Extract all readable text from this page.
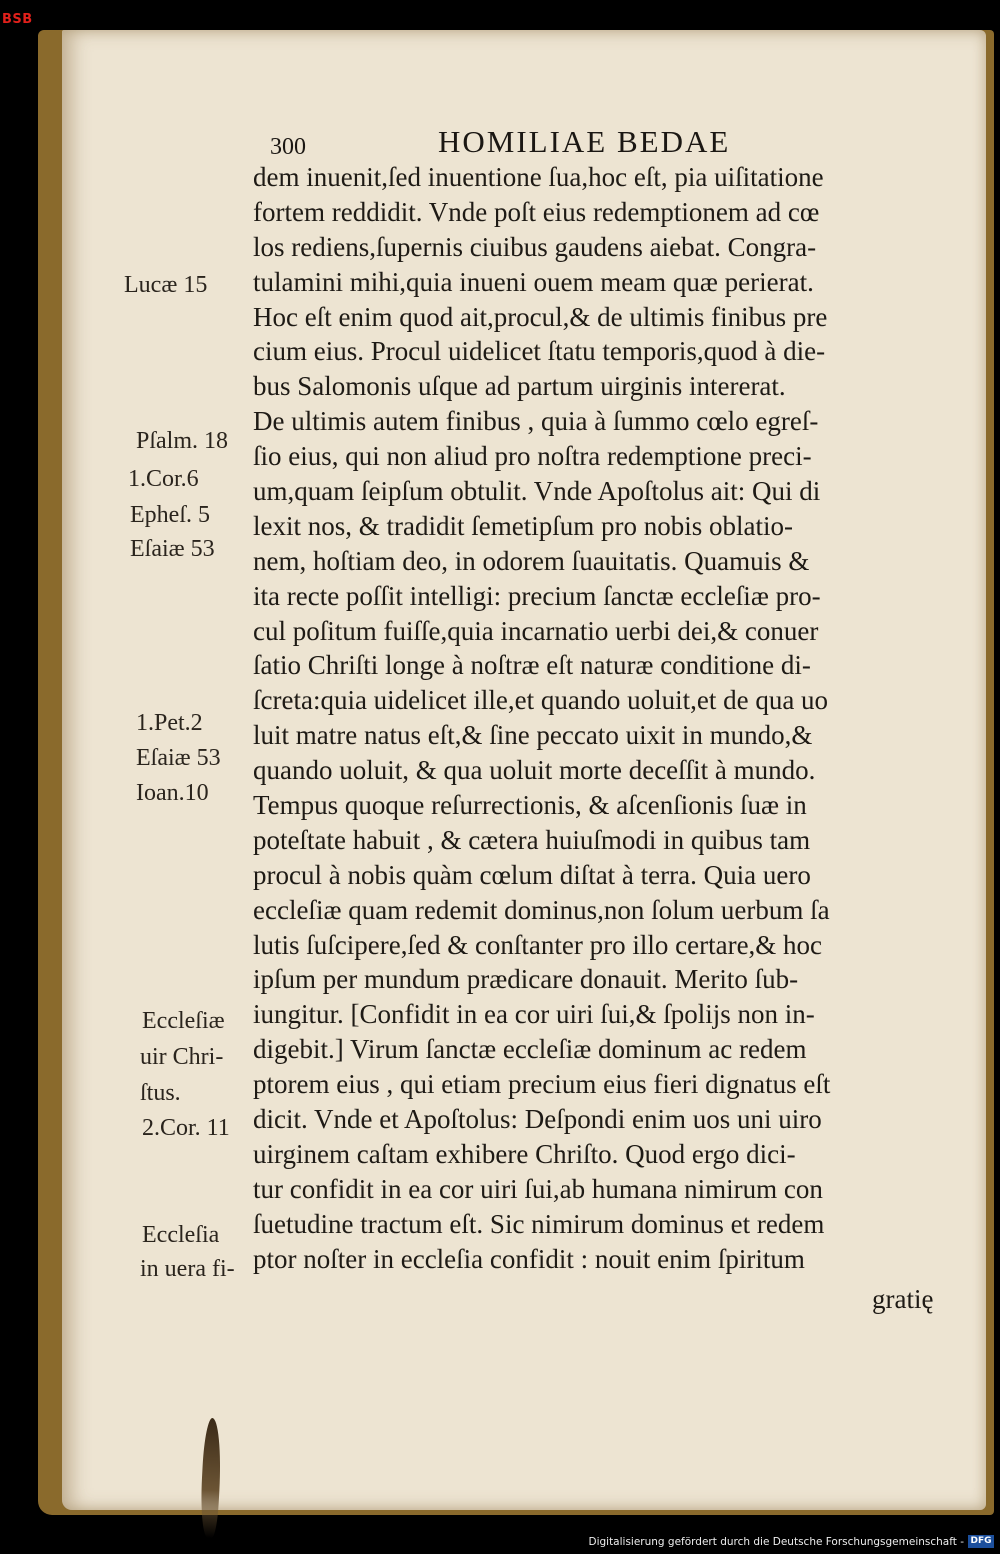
BSB
300	HOMILIAE BEDAE
dem inuenit,ſed inuentione ſua,hoc eſt, pia uiſitatione
fortem reddidit. Vnde poſt eius redemptionem ad cœ
los rediens,ſupernis ciuibus gaudens aiebat. Congra-
tulamini mihi,quia inueni ouem meam quæ perierat.
Hoc eſt enim quod ait,procul,& de ultimis finibus pre
cium eius. Procul uidelicet ſtatu temporis,quod à die-
bus Salomonis uſque ad partum uirginis intererat.
De ultimis autem finibus , quia à ſummo cœlo egreſ-
ſio eius, qui non aliud pro noſtra redemptione preci-
um,quam ſeipſum obtulit. Vnde Apoſtolus ait: Qui di
lexit nos, & tradidit ſemetipſum pro nobis oblatio-
nem, hoſtiam deo, in odorem ſuauitatis. Quamuis &
ita recte poſſit intelligi: precium ſanctæ eccleſiæ pro-
cul poſitum fuiſſe,quia incarnatio uerbi dei,& conuer
ſatio Chriſti longe à noſtræ eſt naturæ conditione di-
ſcreta:quia uidelicet ille,et quando uoluit,et de qua uo
luit matre natus eſt,& ſine peccato uixit in mundo,&
quando uoluit, & qua uoluit morte deceſſit à mundo.
Tempus quoque reſurrectionis, & aſcenſionis ſuæ in
poteſtate habuit , & cætera huiuſmodi in quibus tam
procul à nobis quàm cœlum diſtat à terra. Quia uero
eccleſiæ quam redemit dominus,non ſolum uerbum ſa
lutis ſuſcipere,ſed & conſtanter pro illo certare,& hoc
ipſum per mundum prædicare donauit. Merito ſub-
iungitur. [Confidit in ea cor uiri ſui,& ſpolijs non in-
digebit.] Virum ſanctæ eccleſiæ dominum ac redem
ptorem eius , qui etiam precium eius fieri dignatus eſt
dicit. Vnde et Apoſtolus: Deſpondi enim uos uni uiro
uirginem caſtam exhibere Chriſto. Quod ergo dici-
tur confidit in ea cor uiri ſui,ab humana nimirum con
ſuetudine tractum eſt. Sic nimirum dominus et redem
ptor noſter in eccleſia confidit : nouit enim ſpiritum
gratię
Lucæ 15
Pſalm. 18
1.Cor.6
Epheſ. 5
Eſaiæ 53
1.Pet.2
Eſaiæ 53
Ioan.10
Eccleſiæ
uir Chri-
ſtus.
2.Cor. 11
Eccleſia
in uera fi-
Digitalisierung gefördert durch die Deutsche Forschungsgemeinschaft - DFG
